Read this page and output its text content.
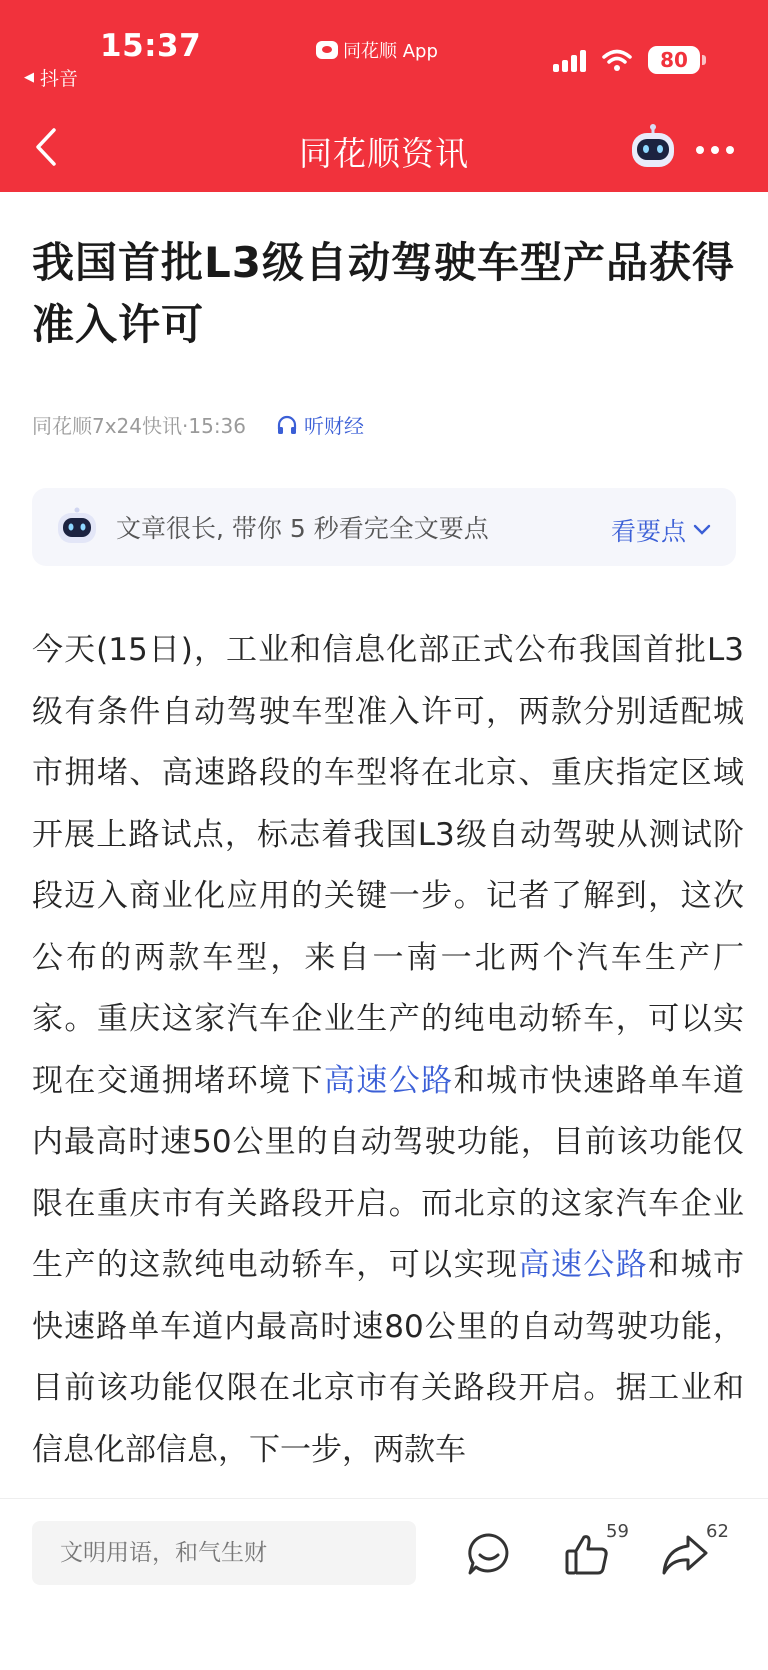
15:37
◀ 抖音
同花顺 App	80
同花顺资讯
我国首批L3级自动驾驶车型产品获得准入许可
同花顺7x24快讯·15:36	听财经
文章很长, 带你 5 秒看完全文要点	看要点

今天(15日)，工业和信息化部正式公布我国首批L3级有条件自动驾驶车型准入许可，两款分别适配城市拥堵、高速路段的车型将在北京、重庆指定区域开展上路试点，标志着我国L3级自动驾驶从测试阶段迈入商业化应用的关键一步。记者了解到，这次公布的两款车型，来自一南一北两个汽车生产厂家。重庆这家汽车企业生产的纯电动轿车，可以实现在交通拥堵环境下高速公路和城市快速路单车道内最高时速50公里的自动驾驶功能，目前该功能仅限在重庆市有关路段开启。而北京的这家汽车企业生产的这款纯电动轿车，可以实现高速公路和城市快速路单车道内最高时速80公里的自动驾驶功能，目前该功能仅限在北京市有关路段开启。据工业和信息化部信息，下一步，两款车

文明用语，和气生财
59	62
